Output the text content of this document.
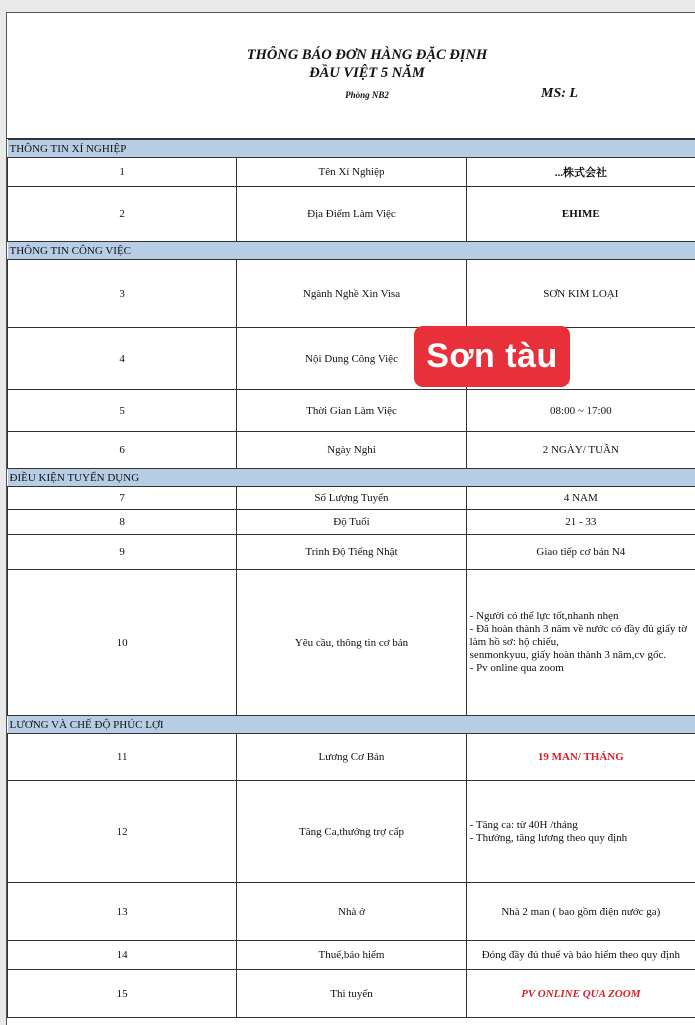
THÔNG BÁO ĐƠN HÀNG ĐẶC ĐỊNH
ĐẦU VIỆT 5 NĂM
Phòng NB2	MS: L
THÔNG TIN XÍ NGHIỆP		
1	Tên Xí Nghiệp	...株式会社
2	Địa Điểm Làm Việc	EHIME
THÔNG TIN CÔNG VIỆC		
3	Ngành Nghề Xin Visa	SƠN KIM LOẠI
4	Nội Dung Công Việc	
5	Thời Gian Làm Việc	08:00 ~ 17:00
6	Ngày Nghỉ	2 NGÀY/ TUẦN
ĐIỀU KIỆN TUYỂN DỤNG		
7	Số Lượng Tuyển	4 NAM
8	Độ Tuổi	21 - 33
9	Trình Độ Tiếng Nhật	Giao tiếp cơ bản N4
10	Yêu cầu, thông tin cơ bản	- Người có thể lực tốt,nhanh nhẹn
- Đã hoàn thành 3 năm về nước có đầy đủ giấy tờ làm hồ sơ: hộ chiếu,
senmonkyuu, giấy hoàn thành 3 năm,cv gốc.
- Pv online qua zoom

LƯƠNG VÀ CHẾ ĐỘ PHÚC LỢI		
11	Lương Cơ Bản	19 MAN/ THÁNG
12	Tăng Ca,thưởng trợ cấp	- Tăng ca: từ 40H /tháng
- Thưởng, tăng lương theo quy định

13	Nhà ở	Nhà 2 man ( bao gồm điện nước ga)
14	Thuế,bảo hiểm	Đóng đầy đủ thuế và bảo hiểm theo quy định
15	Thi tuyển	PV ONLINE QUA ZOOM
Sơn tàu
